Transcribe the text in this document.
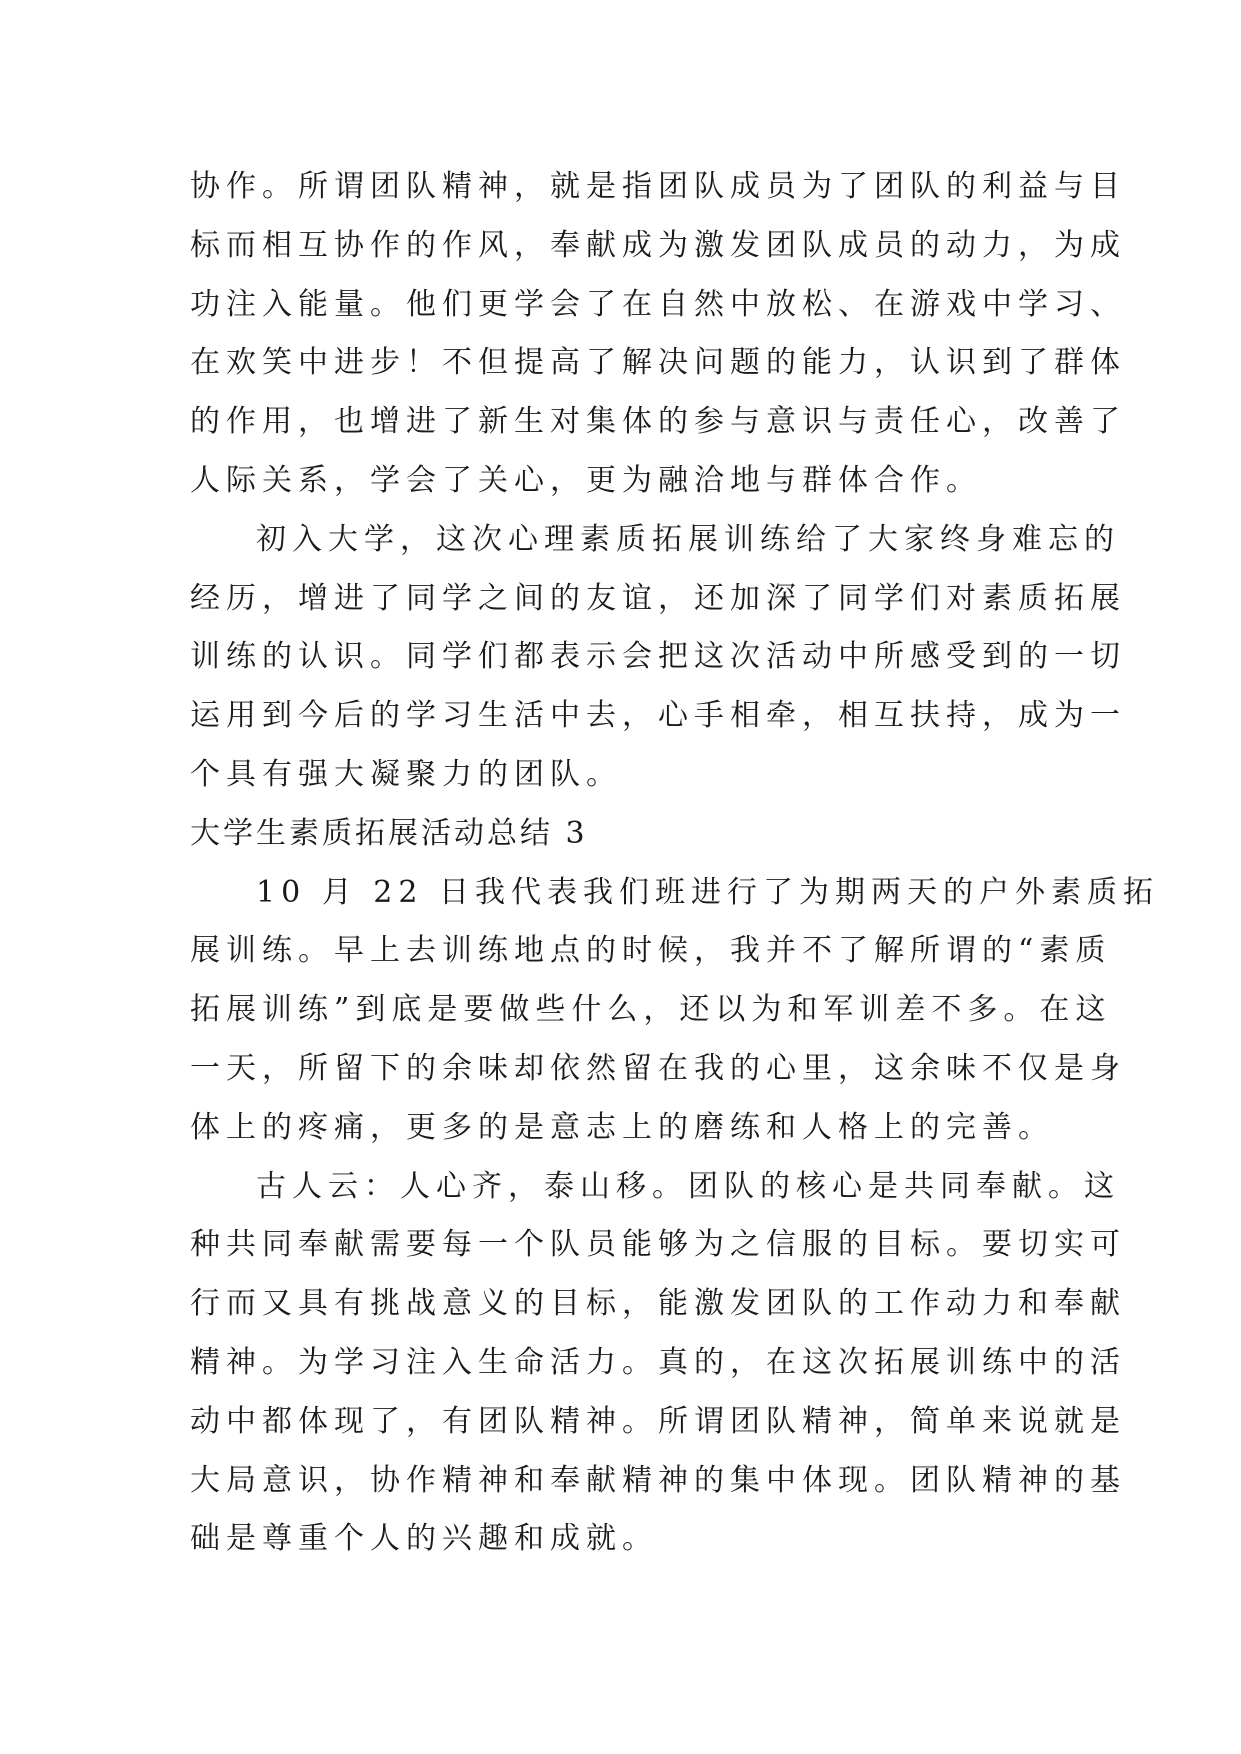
协作。所谓团队精神，就是指团队成员为了团队的利益与目
标而相互协作的作风，奉献成为激发团队成员的动力，为成
功注入能量。他们更学会了在自然中放松、在游戏中学习、
在欢笑中进步！不但提高了解决问题的能力，认识到了群体
的作用，也增进了新生对集体的参与意识与责任心，改善了
人际关系，学会了关心，更为融洽地与群体合作。
初入大学，这次心理素质拓展训练给了大家终身难忘的
经历，增进了同学之间的友谊，还加深了同学们对素质拓展
训练的认识。同学们都表示会把这次活动中所感受到的一切
运用到今后的学习生活中去，心手相牵，相互扶持，成为一
个具有强大凝聚力的团队。
大学生素质拓展活动总结 3
10 月 22 日我代表我们班进行了为期两天的户外素质拓
展训练。早上去训练地点的时候，我并不了解所谓的“素质
拓展训练”到底是要做些什么，还以为和军训差不多。在这
一天，所留下的余味却依然留在我的心里，这余味不仅是身
体上的疼痛，更多的是意志上的磨练和人格上的完善。
古人云：人心齐，泰山移。团队的核心是共同奉献。这
种共同奉献需要每一个队员能够为之信服的目标。要切实可
行而又具有挑战意义的目标，能激发团队的工作动力和奉献
精神。为学习注入生命活力。真的，在这次拓展训练中的活
动中都体现了，有团队精神。所谓团队精神，简单来说就是
大局意识，协作精神和奉献精神的集中体现。团队精神的基
础是尊重个人的兴趣和成就。
